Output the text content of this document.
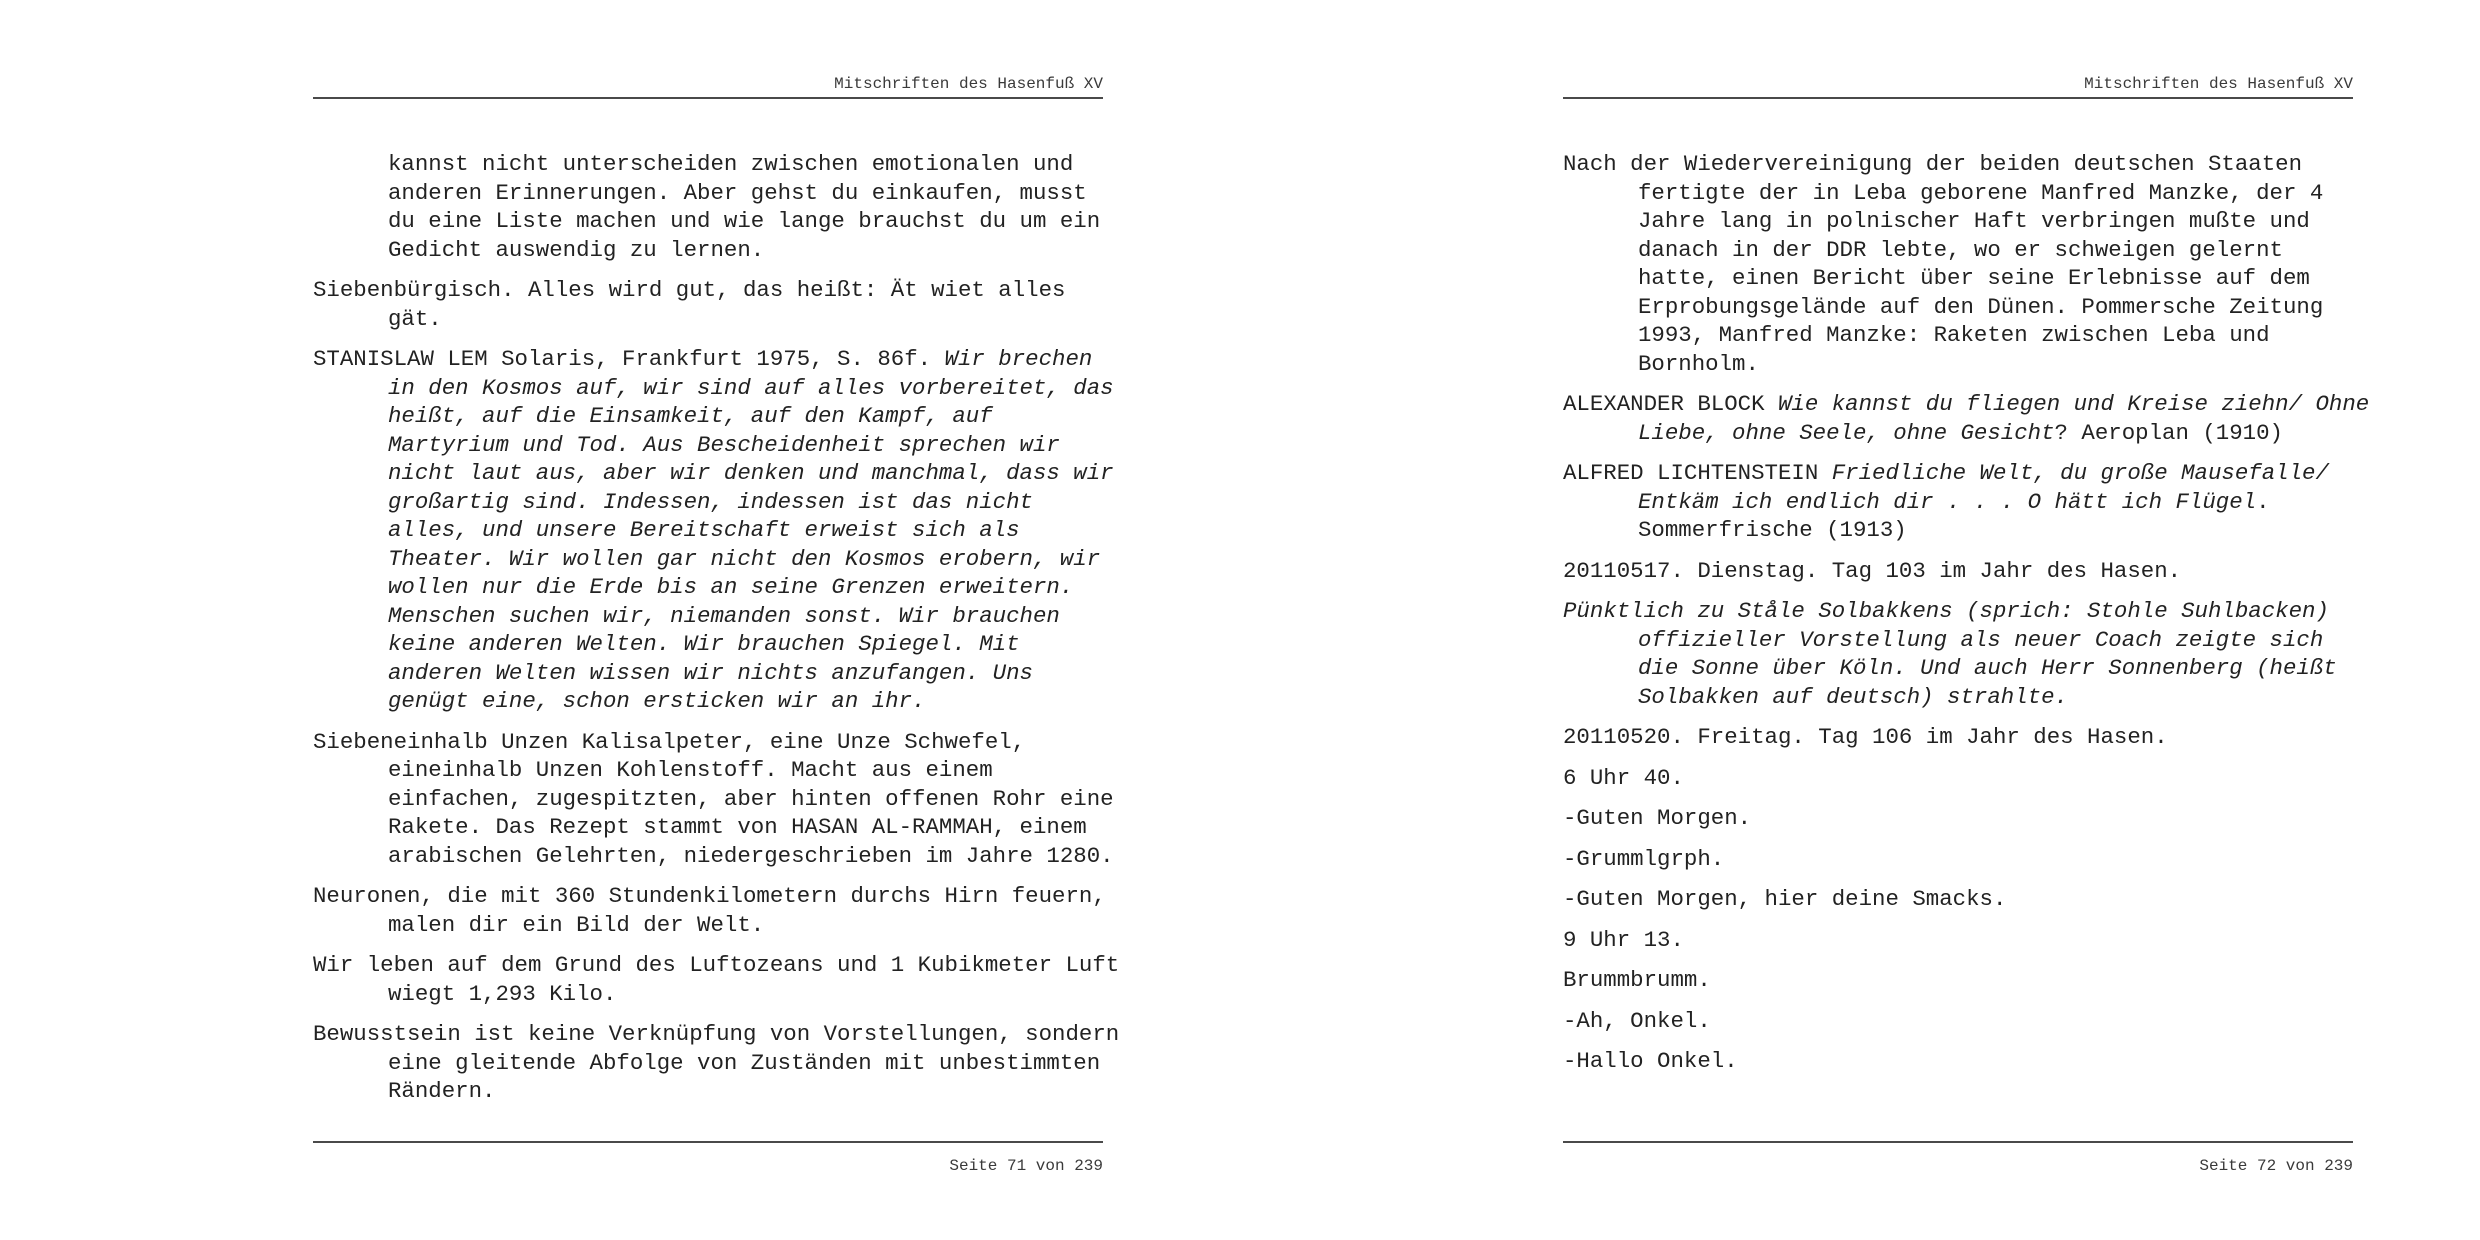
Mitschriften des Hasenfuß XV
kannst nicht unterscheiden zwischen emotionalen und
anderen Erinnerungen. Aber gehst du einkaufen, musst
du eine Liste machen und wie lange brauchst du um ein
Gedicht auswendig zu lernen.
Siebenbürgisch. Alles wird gut, das heißt: Ät wiet alles
gät.
STANISLAW LEM Solaris, Frankfurt 1975, S. 86f. Wir brechen
in den Kosmos auf, wir sind auf alles vorbereitet, das
heißt, auf die Einsamkeit, auf den Kampf, auf
Martyrium und Tod. Aus Bescheidenheit sprechen wir
nicht laut aus, aber wir denken und manchmal, dass wir
großartig sind. Indessen, indessen ist das nicht
alles, und unsere Bereitschaft erweist sich als
Theater. Wir wollen gar nicht den Kosmos erobern, wir
wollen nur die Erde bis an seine Grenzen erweitern.
Menschen suchen wir, niemanden sonst. Wir brauchen
keine anderen Welten. Wir brauchen Spiegel. Mit
anderen Welten wissen wir nichts anzufangen. Uns
genügt eine, schon ersticken wir an ihr.
Siebeneinhalb Unzen Kalisalpeter, eine Unze Schwefel,
eineinhalb Unzen Kohlenstoff. Macht aus einem
einfachen, zugespitzten, aber hinten offenen Rohr eine
Rakete. Das Rezept stammt von HASAN AL-RAMMAH, einem
arabischen Gelehrten, niedergeschrieben im Jahre 1280.
Neuronen, die mit 360 Stundenkilometern durchs Hirn feuern,
malen dir ein Bild der Welt.
Wir leben auf dem Grund des Luftozeans und 1 Kubikmeter Luft
wiegt 1,293 Kilo.
Bewusstsein ist keine Verknüpfung von Vorstellungen, sondern
eine gleitende Abfolge von Zuständen mit unbestimmten
Rändern.
Seite 71 von 239
Mitschriften des Hasenfuß XV
Nach der Wiedervereinigung der beiden deutschen Staaten
fertigte der in Leba geborene Manfred Manzke, der 4
Jahre lang in polnischer Haft verbringen mußte und
danach in der DDR lebte, wo er schweigen gelernt
hatte, einen Bericht über seine Erlebnisse auf dem
Erprobungsgelände auf den Dünen. Pommersche Zeitung
1993, Manfred Manzke: Raketen zwischen Leba und
Bornholm.
ALEXANDER BLOCK Wie kannst du fliegen und Kreise ziehn/ Ohne
Liebe, ohne Seele, ohne Gesicht? Aeroplan (1910)
ALFRED LICHTENSTEIN Friedliche Welt, du große Mausefalle/
Entkäm ich endlich dir . . . O hätt ich Flügel.
Sommerfrische (1913)
20110517. Dienstag. Tag 103 im Jahr des Hasen.
Pünktlich zu Ståle Solbakkens (sprich: Stohle Suhlbacken)
offizieller Vorstellung als neuer Coach zeigte sich
die Sonne über Köln. Und auch Herr Sonnenberg (heißt
Solbakken auf deutsch) strahlte.
20110520. Freitag. Tag 106 im Jahr des Hasen.
6 Uhr 40.
-Guten Morgen.
-Grummlgrph.
-Guten Morgen, hier deine Smacks.
9 Uhr 13.
Brummbrumm.
-Ah, Onkel.
-Hallo Onkel.
Seite 72 von 239
